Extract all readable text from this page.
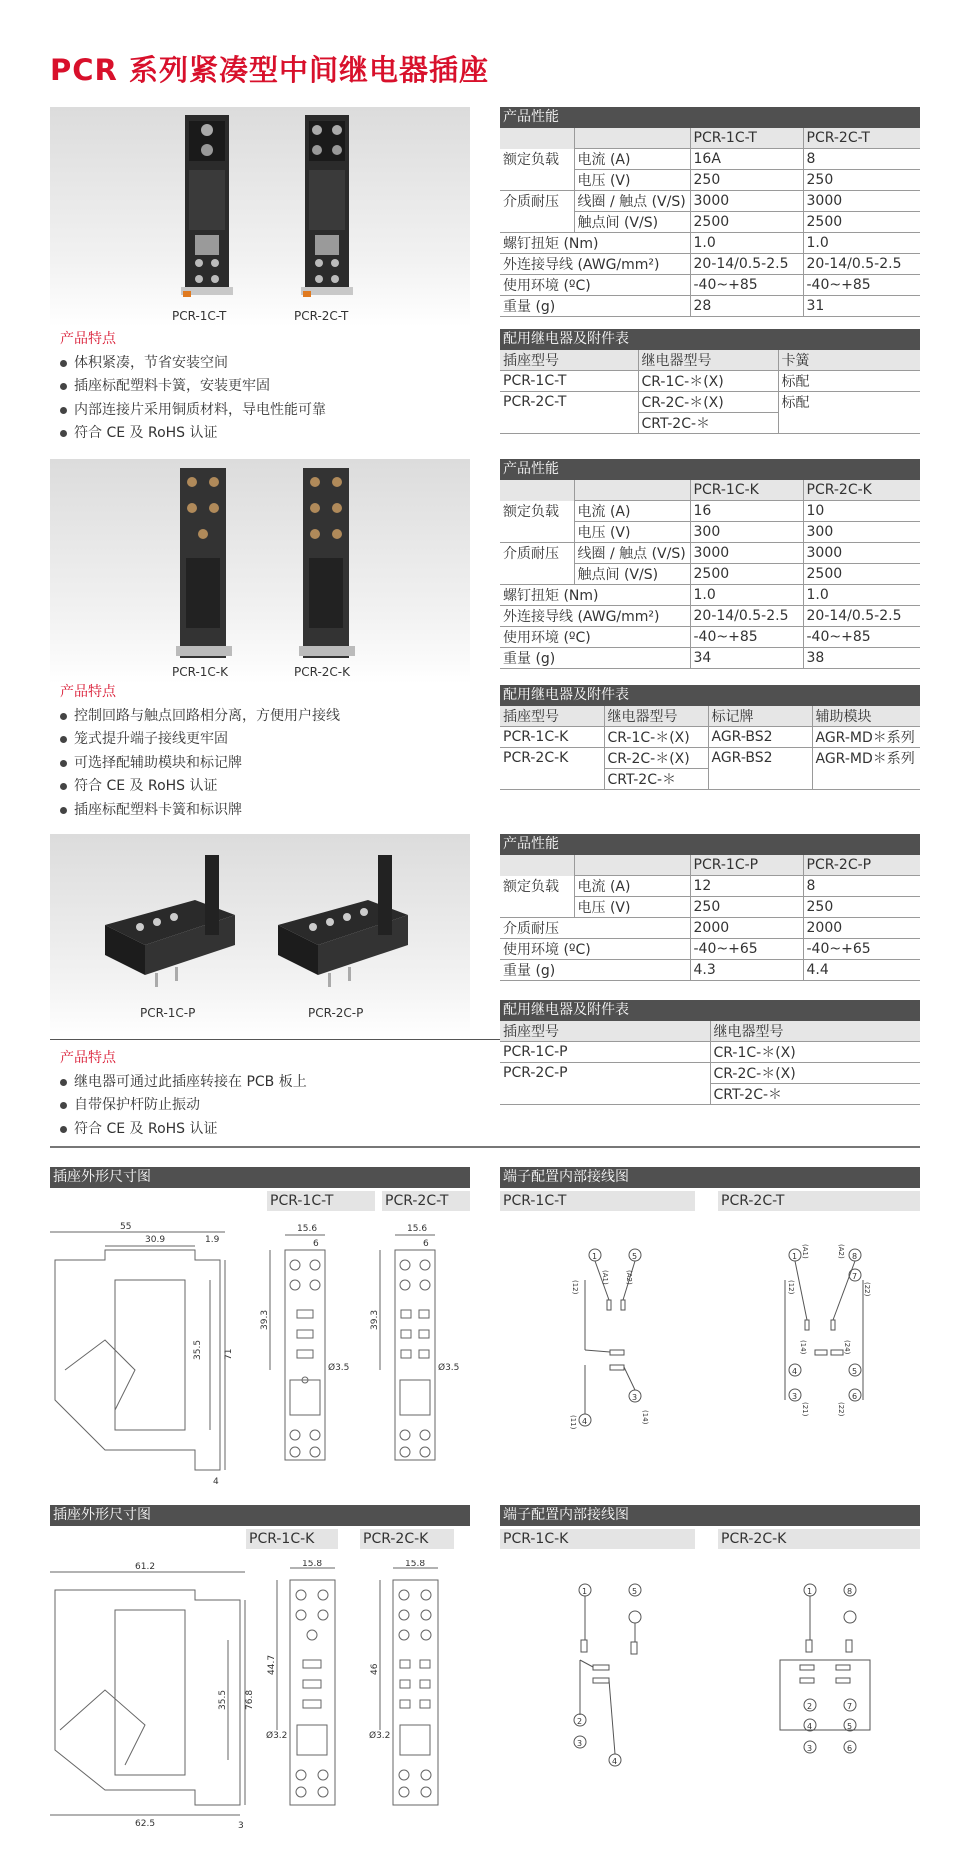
PCR 系列紧凑型中间继电器插座
PCR-1C-T	PCR-2C-T
产品特点
体积紧凑，节省安装空间
插座标配塑料卡簧，安装更牢固
内部连接片采用铜质材料，导电性能可靠
符合 CE 及 RoHS 认证
产品性能
		PCR-1C-T	PCR-2C-T
额定负载	电流 (A)	16A	8
	电压 (V)	250	250
介质耐压	线圈 / 触点 (V/S)	3000	3000
	触点间 (V/S)	2500	2500
螺钉扭矩 (Nm)		1.0	1.0
外连接导线 (AWG/mm²)		20-14/0.5-2.5	20-14/0.5-2.5
使用环境 (ºC)		-40~+85	-40~+85
重量 (g)		28	31
配用继电器及附件表
插座型号	继电器型号	卡簧
PCR-1C-T	CR-1C-＊(X)	标配
PCR-2C-T	CR-2C-＊(X)	标配
	CRT-2C-＊	
PCR-1C-K	PCR-2C-K
产品特点
控制回路与触点回路相分离，方便用户接线
笼式提升端子接线更牢固
可选择配辅助模块和标记牌
符合 CE 及 RoHS 认证
插座标配塑料卡簧和标识牌
产品性能
		PCR-1C-K	PCR-2C-K
额定负载	电流 (A)	16	10
	电压 (V)	300	300
介质耐压	线圈 / 触点 (V/S)	3000	3000
	触点间 (V/S)	2500	2500
螺钉扭矩 (Nm)		1.0	1.0
外连接导线 (AWG/mm²)		20-14/0.5-2.5	20-14/0.5-2.5
使用环境 (ºC)		-40~+85	-40~+85
重量 (g)		34	38
配用继电器及附件表
插座型号	继电器型号	标记牌	辅助模块
PCR-1C-K	CR-1C-＊(X)	AGR-BS2	AGR-MD＊系列
PCR-2C-K	CR-2C-＊(X)	AGR-BS2	AGR-MD＊系列
	CRT-2C-＊		
PCR-1C-P	PCR-2C-P
产品特点
继电器可通过此插座转接在 PCB 板上
自带保护杆防止振动
符合 CE 及 RoHS 认证
产品性能
		PCR-1C-P	PCR-2C-P
额定负载	电流 (A)	12	8
	电压 (V)	250	250
介质耐压		2000	2000
使用环境 (ºC)		-40~+65	-40~+65
重量 (g)		4.3	4.4
配用继电器及附件表
插座型号	继电器型号
PCR-1C-P	CR-1C-＊(X)
PCR-2C-P	CR-2C-＊(X)
	CRT-2C-＊
插座外形尺寸图
PCR-1C-T	PCR-2C-T
端子配置内部接线图
PCR-1C-T	PCR-2C-T
55
30.9	1.9
35.5 71
4
15.6
6
39.3
Ø3.5
15.6
6
39.3
Ø3.5
1	5
(A1) (A2)
(12)
3
(14)
(11) 4
1	8
(A1)	(A2)
(12)
7
(22)
(14)	(24)
4	5
3
(21)	(22)
6
插座外形尺寸图
PCR-1C-K	PCR-2C-K
端子配置内部接线图
PCR-1C-K	PCR-2C-K
61.2
35.5 76.8
62.5	3
15.8
44.7
Ø3.2
15.8
46
Ø3.2
1	5
2
3
4
1	8
2	7
4	5
3	6
